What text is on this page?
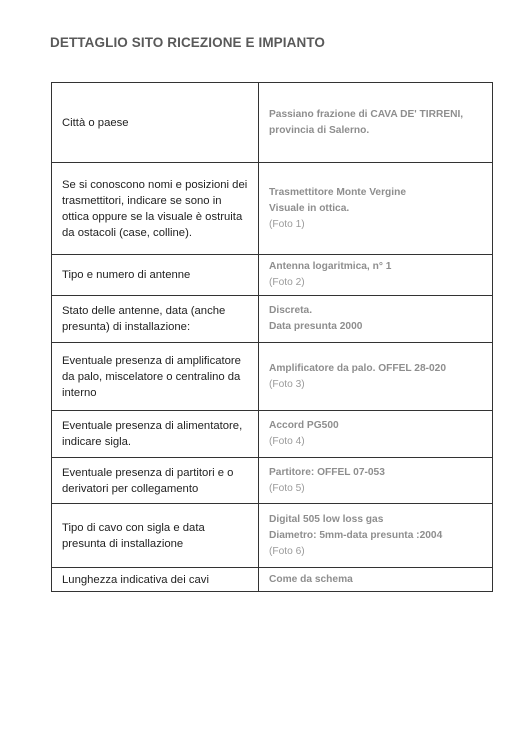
DETTAGLIO SITO RICEZIONE E IMPIANTO
Città o paese	Passiano frazione di CAVA DE' TIRRENI,
provincia di Salerno.

Se si conoscono nomi e posizioni dei trasmettitori, indicare se sono in ottica oppure se la visuale è ostruita da ostacoli (case, colline).	Trasmettitore Monte Vergine
Visuale in ottica.
(Foto 1)

Tipo e numero di antenne	Antenna logaritmica, n° 1
(Foto 2)

Stato delle antenne, data (anche presunta) di installazione:	Discreta.
Data presunta 2000

Eventuale presenza di amplificatore da palo, miscelatore o centralino da interno	Amplificatore da palo. OFFEL 28-020
(Foto 3)

Eventuale presenza di alimentatore, indicare sigla.	Accord PG500
(Foto 4)

Eventuale presenza di partitori e o derivatori per collegamento	Partitore: OFFEL 07-053
(Foto 5)

Tipo di cavo con sigla e data presunta di installazione	Digital 505 low loss gas
Diametro: 5mm-data presunta :2004
(Foto 6)

Lunghezza indicativa dei cavi	Come da schema
